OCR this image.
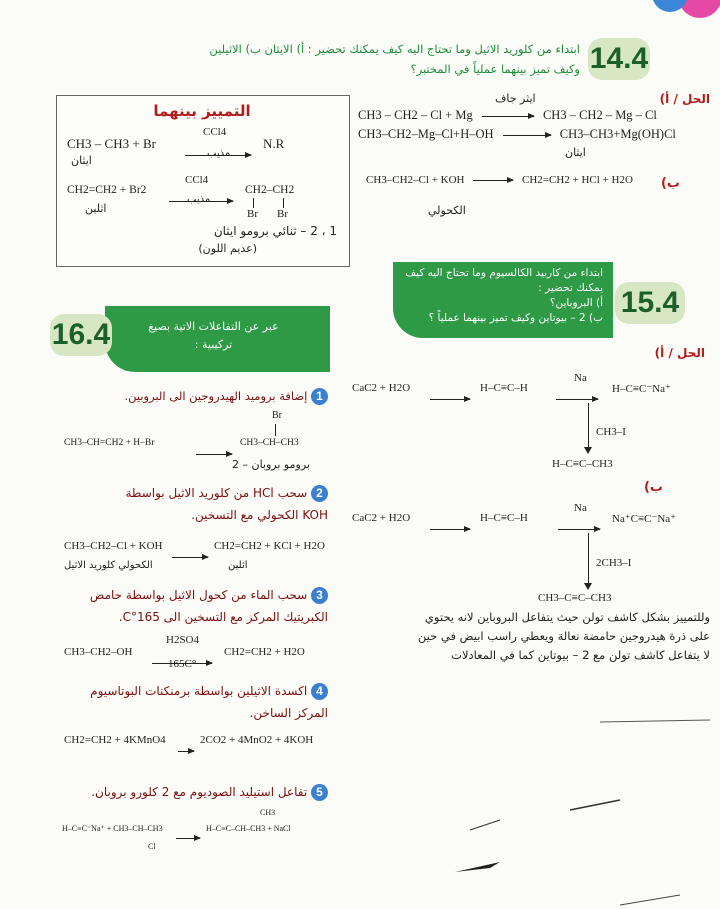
14.4
ابتداء من كلوريد الاثيل وما تحتاج اليه كيف يمكنك تحضير : أ) الايثان ب) الاثيلين
وكيف تميز بينهما عملياً في المختبر؟
الحل / أ)
ايثر جاف
CH3 – CH2 – Cl + Mg	CH3 – CH2 – Mg – Cl
CH3–CH2–Mg–Cl+H–OH	CH3–CH3+Mg(OH)Cl
ايثان
ب)
CH3–CH2–Cl + KOH	CH2=CH2 + HCl + H2O
الكحولي
التمييز بينهما
CH3 – CH3 + Br
CCl4
مذيب
N.R
ايثان
CH2=CH2 + Br2
CCl4
مذيب
CH2–CH2
Br Br
اثلين
1 ، 2 – ثنائي برومو ايثان
(عديم اللون)
ابتداء من كاربيد الكالسيوم وما تحتاج اليه كيف يمكنك تحضير :
أ) البروباين؟
ب) 2 – بيوتاين وكيف تميز بينهما عملياً ؟ 15.4
الحل / أ)
CaC2 + H2O	H–C≡C–H
Na
H–C≡C⁻Na⁺
CH3–I
H–C≡C–CH3
ب)
CaC2 + H2O	H–C≡C–H
Na
Na⁺C≡C⁻Na⁺
2CH3–I
CH3–C≡C–CH3
وللتمييز بشكل كاشف تولن حيث يتفاعل البروباين لانه يحتوي
على ذرة هيدروجين حامضة نعالة ويعطي راسب ابيض في حين
لا يتفاعل كاشف تولن مع 2 – بيوتاين كما في المعادلات
عبر عن التفاعلات الاتية بصيغ
تركيبية :
16.4
1 إضافة بروميد الهيدروجين الى البروبين.
Br
CH3–CH=CH2 + H–Br	CH3–CH–CH3
2 – برومو بروبان
2 سحب HCl من كلوريد الاثيل بواسطة
KOH الكحولي مع التسخين.
CH3–CH2–Cl + KOH	CH2=CH2 + KCl + H2O
اثلين
الكحولي كلوريد الاثيل
3 سحب الماء من كحول الاثيل بواسطة حامض
الكبريتيك المركز مع التسخين الى 165°C.
CH3–CH2–OH
H2SO4
165C°
CH2=CH2 + H2O
4 اكسدة الاثيلين بواسطة برمنكنات البوتاسيوم
المركز الساخن.
CH2=CH2 + 4KMnO4	2CO2 + 4MnO2 + 4KOH
5 تفاعل استيليد الصوديوم مع 2 كلورو بروبان.
CH3
H–C≡C⁻Na⁺ + CH3–CH–CH3
Cl
H–C≡C–CH–CH3 + NaCl
